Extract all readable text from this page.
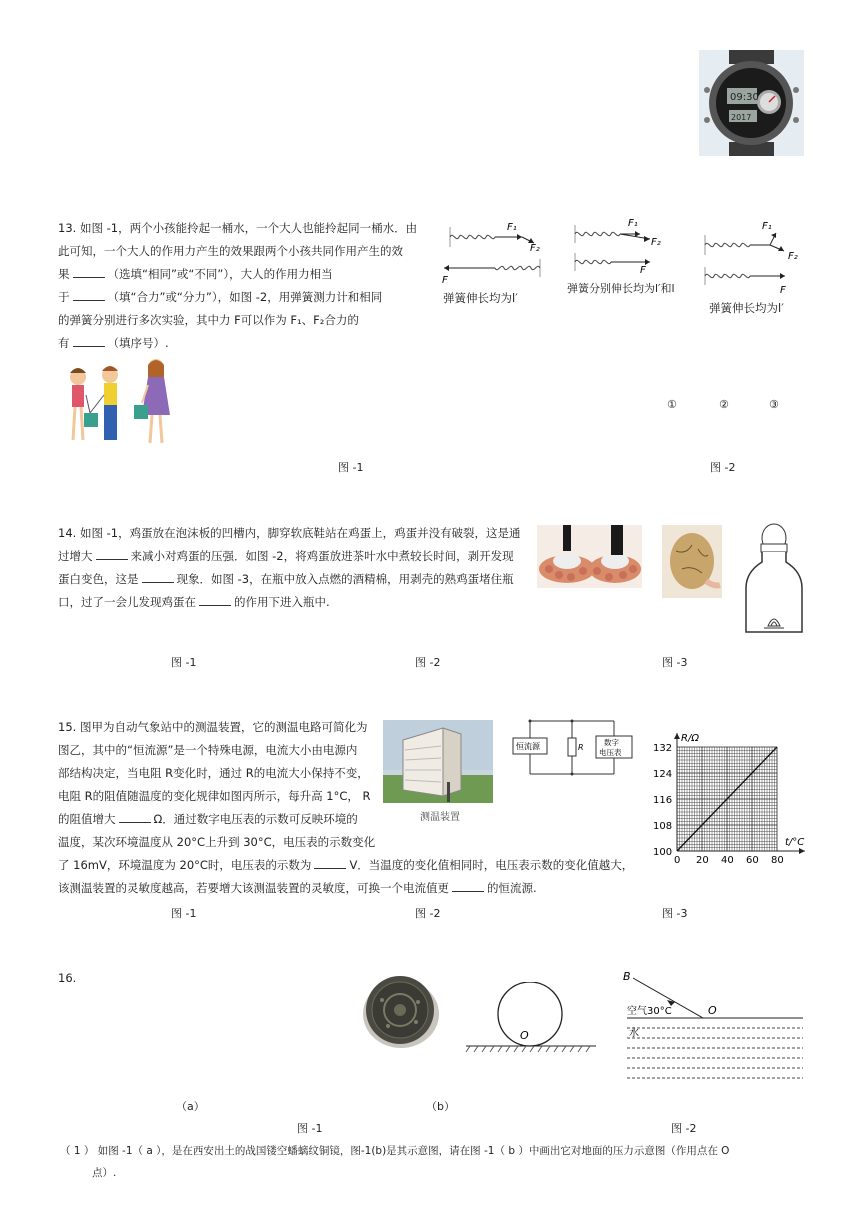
09:30
2017
13. 如图 -1，两个小孩能拎起一桶水，一个大人也能拎起同一桶水．由
此可知，一个大人的作用力产生的效果跟两个小孩共同作用产生的效
果	（选填“相同”或“不同”），大人的作用力相当
于	（填“合力”或“分力”），如图 -2，用弹簧测力计和相同
的弹簧分别进行多次实验，其中力 F可以作为 F₁、F₂合力的
有	（填序号）.
图 -1
F₁
F₂
F
F₁
F₂
F
F₁
F₂
F
弹簧伸长均为l′
弹簧分别伸长均为l′和l
弹簧伸长均为l′
①	②	③
图 -2
14. 如图 -1，鸡蛋放在泡沫板的凹槽内，脚穿软底鞋站在鸡蛋上，鸡蛋并没有破裂，这是通
过增大	来减小对鸡蛋的压强．如图 -2，将鸡蛋放进茶叶水中煮较长时间，剥开发现
蛋白变色，这是	现象．如图 -3，在瓶中放入点燃的酒精棉，用剥壳的熟鸡蛋堵住瓶
口，过了一会儿发现鸡蛋在	的作用下进入瓶中.
图 -1	图 -2	图 -3
15. 图甲为自动气象站中的测温装置，它的测温电路可简化为
图乙，其中的“恒流源”是一个特殊电源，电流大小由电源内
部结构决定，当电阻 R变化时，通过 R的电流大小保持不变，
电阻 R的阻值随温度的变化规律如图丙所示，每升高 1°C， R
的阻值增大	Ω．通过数字电压表的示数可反映环境的
温度，某次环境温度从 20°C上升到 30°C，电压表的示数变化
了 16mV，环境温度为 20°C时，电压表的示数为	V．当温度的变化值相同时，电压表示数的变化值越大，
该测温装置的灵敏度越高，若要增大该测温装置的灵敏度，可换一个电流值更	的恒流源.
测温装置
恒流源	R
数字
电压表
t/°C
R/Ω
0 20 40 60 80
100
108
116
124
132
图 -1	图 -2	图 -3
16.
O
B
O
空气30°C
水
（a）	（b）
图 -1	图 -2
（ 1 ） 如图 -1（ a ），是在西安出土的战国镂空蟠螭纹铜镜，图-1(b)是其示意图，请在图 -1（ b ）中画出它对地面的压力示意图（作用点在 O
点）.
